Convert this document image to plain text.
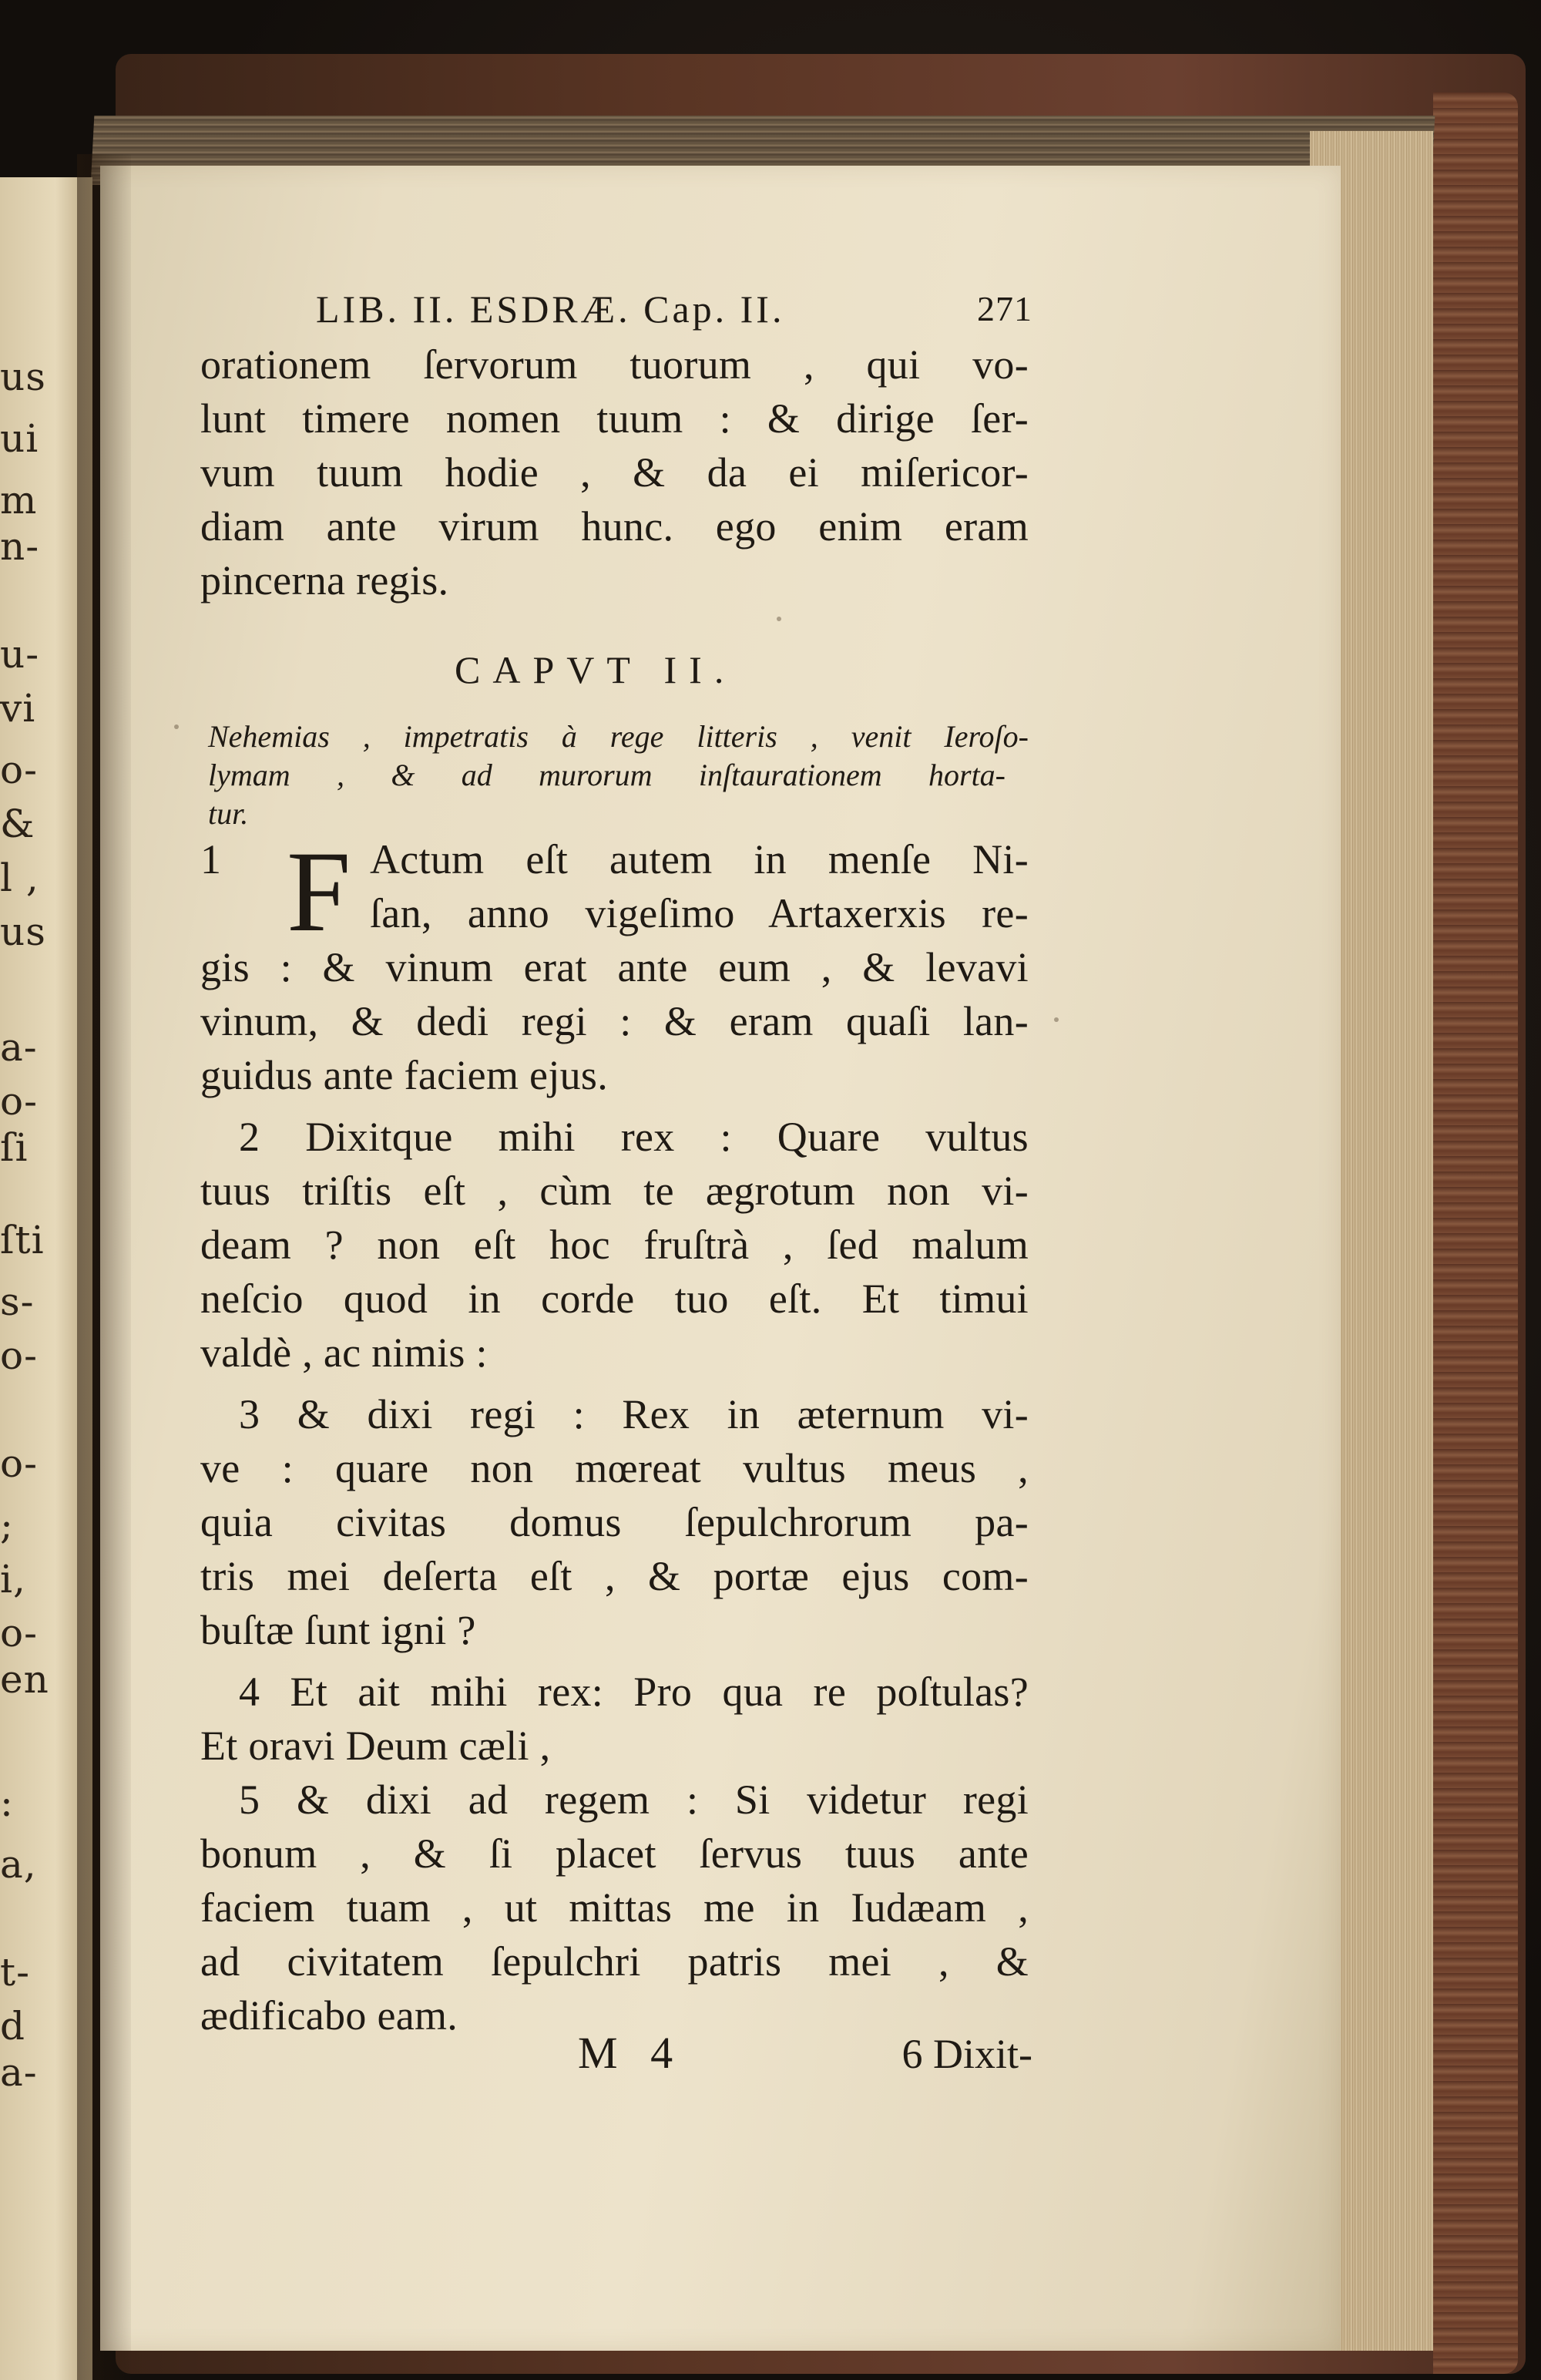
us
ui
m
n-
u-
vi
o-
&
l ,
us
a-
o-
ſi
ſti
s-
o-
o-
;
i,
o-
en
:
a,
t-
d
a-
LIB. II. ESDRÆ. Cap. II.	271
orationem ſervorum tuorum , qui vo-
lunt timere nomen tuum : & dirige ſer-
vum tuum hodie , & da ei miſericor-
diam ante virum hunc. ego enim eram
pincerna regis.
CAPVT II.
Nehemias , impetratis à rege litteris , venit Ieroſo-
lymam , & ad murorum inſtaurationem horta-
tur.
1	Actum eſt autem in menſe Ni-
ſan, anno vigeſimo Artaxerxis re-
gis : & vinum erat ante eum , & levavi
vinum, & dedi regi : & eram quaſi lan-
guidus ante faciem ejus.
F
2 Dixitque mihi rex : Quare vultus
tuus triſtis eſt , cùm te ægrotum non vi-
deam ? non eſt hoc fruſtrà , ſed malum
neſcio quod in corde tuo eſt. Et timui
valdè , ac nimis :
3 & dixi regi : Rex in æternum vi-
ve : quare non mœreat vultus meus ,
quia civitas domus ſepulchrorum pa-
tris mei deſerta eſt , & portæ ejus com-
buſtæ ſunt igni ?
4 Et ait mihi rex: Pro qua re poſtulas?
Et oravi Deum cæli ,
5 & dixi ad regem : Si videtur regi
bonum , & ſi placet ſervus tuus ante
faciem tuam , ut mittas me in Iudæam ,
ad civitatem ſepulchri patris mei , &
ædificabo eam.
M 4	6 Dixit-
